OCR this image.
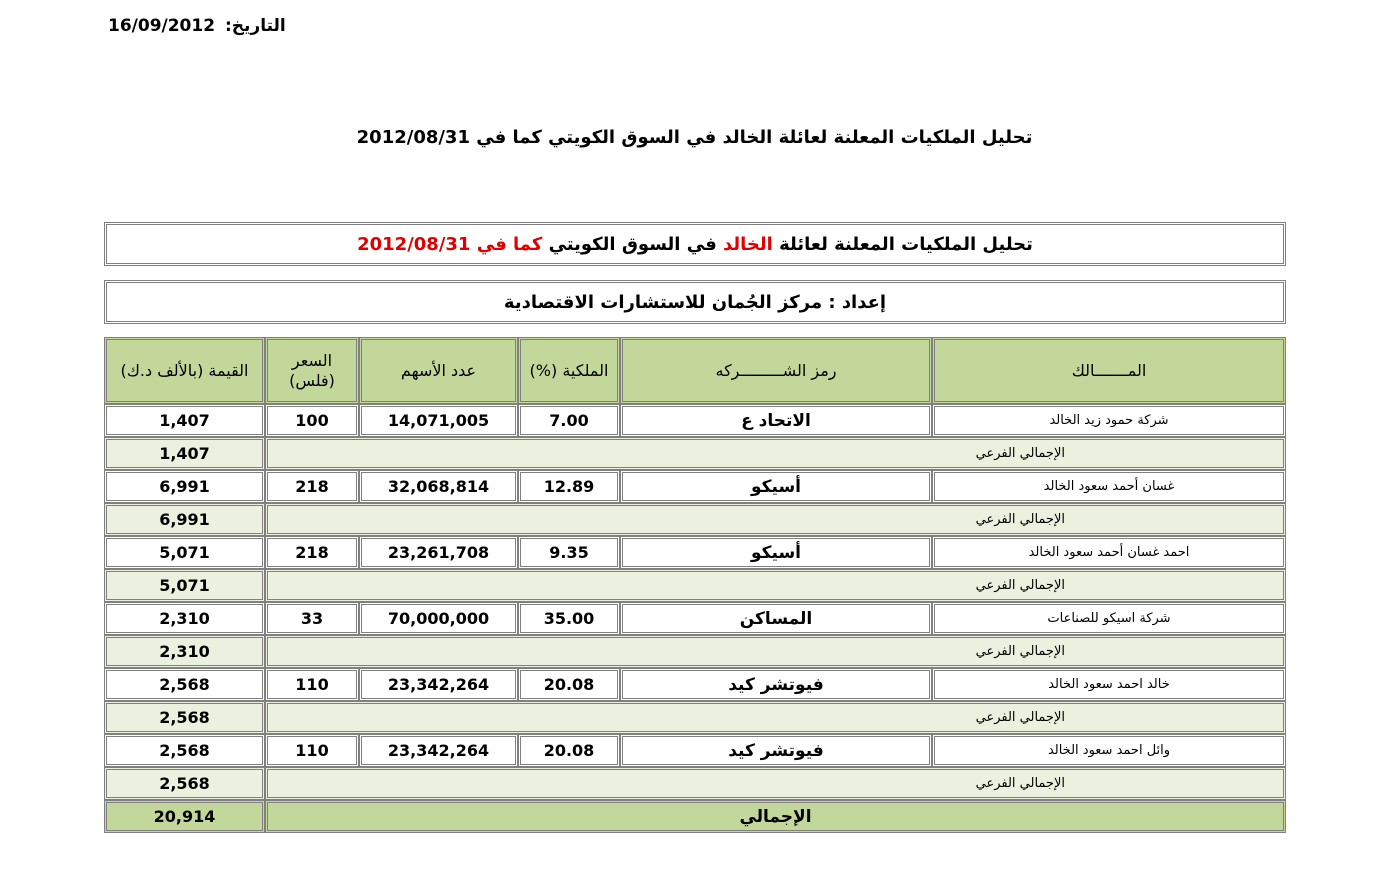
التاريخ: 16/09/2012
تحليل الملكيات المعلنة لعائلة الخالد في السوق الكويتي كما في 2012/08/31
تحليل الملكيات المعلنة لعائلة

الخالد

في السوق الكويتي

كما في

2012/08/31
إعداد : مركز الجُمان للاستشارات الاقتصادية
المـــــــالك	رمز الشـــــــــركه	الملكية (%)	عدد الأسهم	السعر (فلس)	القيمة (بالألف د.ك)
شركة حمود زيد الخالد	الاتحاد ع	7.00	14,071,005	100	1,407
الإجمالي الفرعي					1,407
غسان أحمد سعود الخالد	أسيكو	12.89	32,068,814	218	6,991
الإجمالي الفرعي					6,991
احمد غسان أحمد سعود الخالد	أسيكو	9.35	23,261,708	218	5,071
الإجمالي الفرعي					5,071
شركة اسيكو للصناعات	المساكن	35.00	70,000,000	33	2,310
الإجمالي الفرعي					2,310
خالد احمد سعود الخالد	فيوتشر كيد	20.08	23,342,264	110	2,568
الإجمالي الفرعي					2,568
وائل احمد سعود الخالد	فيوتشر كيد	20.08	23,342,264	110	2,568
الإجمالي الفرعي					2,568
الإجمالي					20,914
